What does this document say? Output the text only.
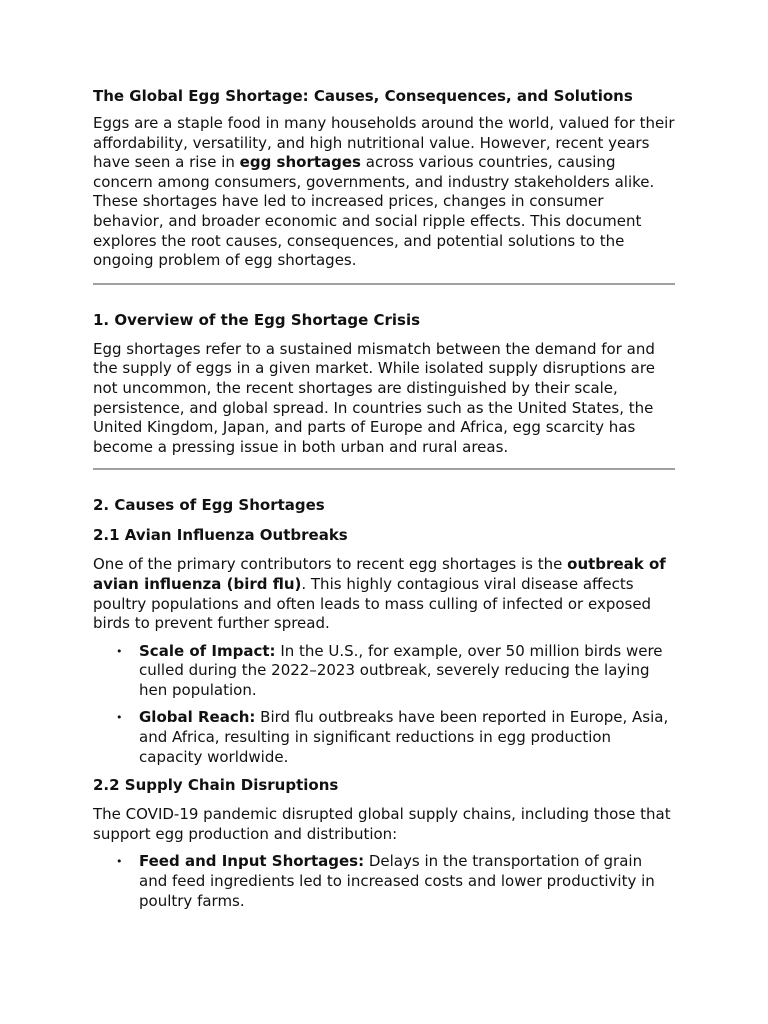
The Global Egg Shortage: Causes, Consequences, and Solutions

Eggs are a staple food in many households around the world, valued for their affordability, versatility, and high nutritional value. However, recent years have seen a rise in egg shortages across various countries, causing concern among consumers, governments, and industry stakeholders alike. These shortages have led to increased prices, changes in consumer behavior, and broader economic and social ripple effects. This document explores the root causes, consequences, and potential solutions to the ongoing problem of egg shortages.

1. Overview of the Egg Shortage Crisis

Egg shortages refer to a sustained mismatch between the demand for and the supply of eggs in a given market. While isolated supply disruptions are not uncommon, the recent shortages are distinguished by their scale, persistence, and global spread. In countries such as the United States, the United Kingdom, Japan, and parts of Europe and Africa, egg scarcity has become a pressing issue in both urban and rural areas.

2. Causes of Egg Shortages
2.1 Avian Influenza Outbreaks

One of the primary contributors to recent egg shortages is the outbreak of avian influenza (bird flu). This highly contagious viral disease affects poultry populations and often leads to mass culling of infected or exposed birds to prevent further spread.

• Scale of Impact: In the U.S., for example, over 50 million birds were culled during the 2022–2023 outbreak, severely reducing the laying hen population.
• Global Reach: Bird flu outbreaks have been reported in Europe, Asia, and Africa, resulting in significant reductions in egg production capacity worldwide.
2.2 Supply Chain Disruptions

The COVID-19 pandemic disrupted global supply chains, including those that support egg production and distribution:

• Feed and Input Shortages: Delays in the transportation of grain and feed ingredients led to increased costs and lower productivity in poultry farms.
